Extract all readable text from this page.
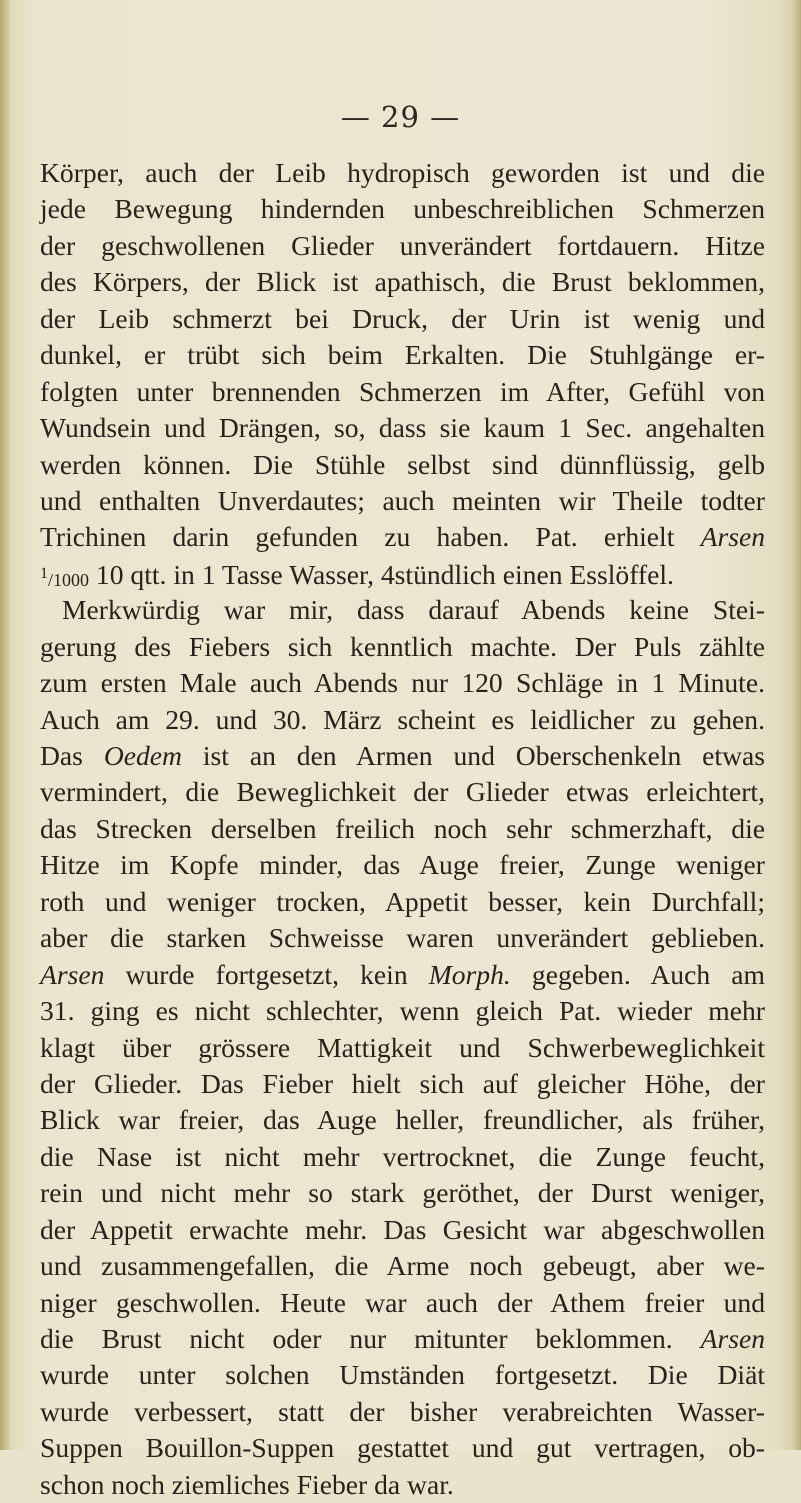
— 29 —
Körper, auch der Leib hydropisch geworden ist und die
jede Bewegung hindernden unbeschreiblichen Schmerzen
der geschwollenen Glieder unverändert fortdauern. Hitze
des Körpers, der Blick ist apathisch, die Brust beklommen,
der Leib schmerzt bei Druck, der Urin ist wenig und
dunkel, er trübt sich beim Erkalten. Die Stuhlgänge er-
folgten unter brennenden Schmerzen im After, Gefühl von
Wundsein und Drängen, so, dass sie kaum 1 Sec. angehalten
werden können. Die Stühle selbst sind dünnflüssig, gelb
und enthalten Unverdautes; auch meinten wir Theile todter
Trichinen darin gefunden zu haben. Pat. erhielt Arsen
$^1$/1000 10 qtt. in 1 Tasse Wasser, 4stündlich einen Esslöffel.
Merkwürdig war mir, dass darauf Abends keine Stei-
gerung des Fiebers sich kenntlich machte. Der Puls zählte
zum ersten Male auch Abends nur 120 Schläge in 1 Minute.
Auch am 29. und 30. März scheint es leidlicher zu gehen.
Das Oedem ist an den Armen und Oberschenkeln etwas
vermindert, die Beweglichkeit der Glieder etwas erleichtert,
das Strecken derselben freilich noch sehr schmerzhaft, die
Hitze im Kopfe minder, das Auge freier, Zunge weniger
roth und weniger trocken, Appetit besser, kein Durchfall;
aber die starken Schweisse waren unverändert geblieben.
Arsen wurde fortgesetzt, kein Morph. gegeben. Auch am
31. ging es nicht schlechter, wenn gleich Pat. wieder mehr
klagt über grössere Mattigkeit und Schwerbeweglichkeit
der Glieder. Das Fieber hielt sich auf gleicher Höhe, der
Blick war freier, das Auge heller, freundlicher, als früher,
die Nase ist nicht mehr vertrocknet, die Zunge feucht,
rein und nicht mehr so stark geröthet, der Durst weniger,
der Appetit erwachte mehr. Das Gesicht war abgeschwollen
und zusammengefallen, die Arme noch gebeugt, aber we-
niger geschwollen. Heute war auch der Athem freier und
die Brust nicht oder nur mitunter beklommen. Arsen
wurde unter solchen Umständen fortgesetzt. Die Diät
wurde verbessert, statt der bisher verabreichten Wasser-
Suppen Bouillon-Suppen gestattet und gut vertragen, ob-
schon noch ziemliches Fieber da war.
